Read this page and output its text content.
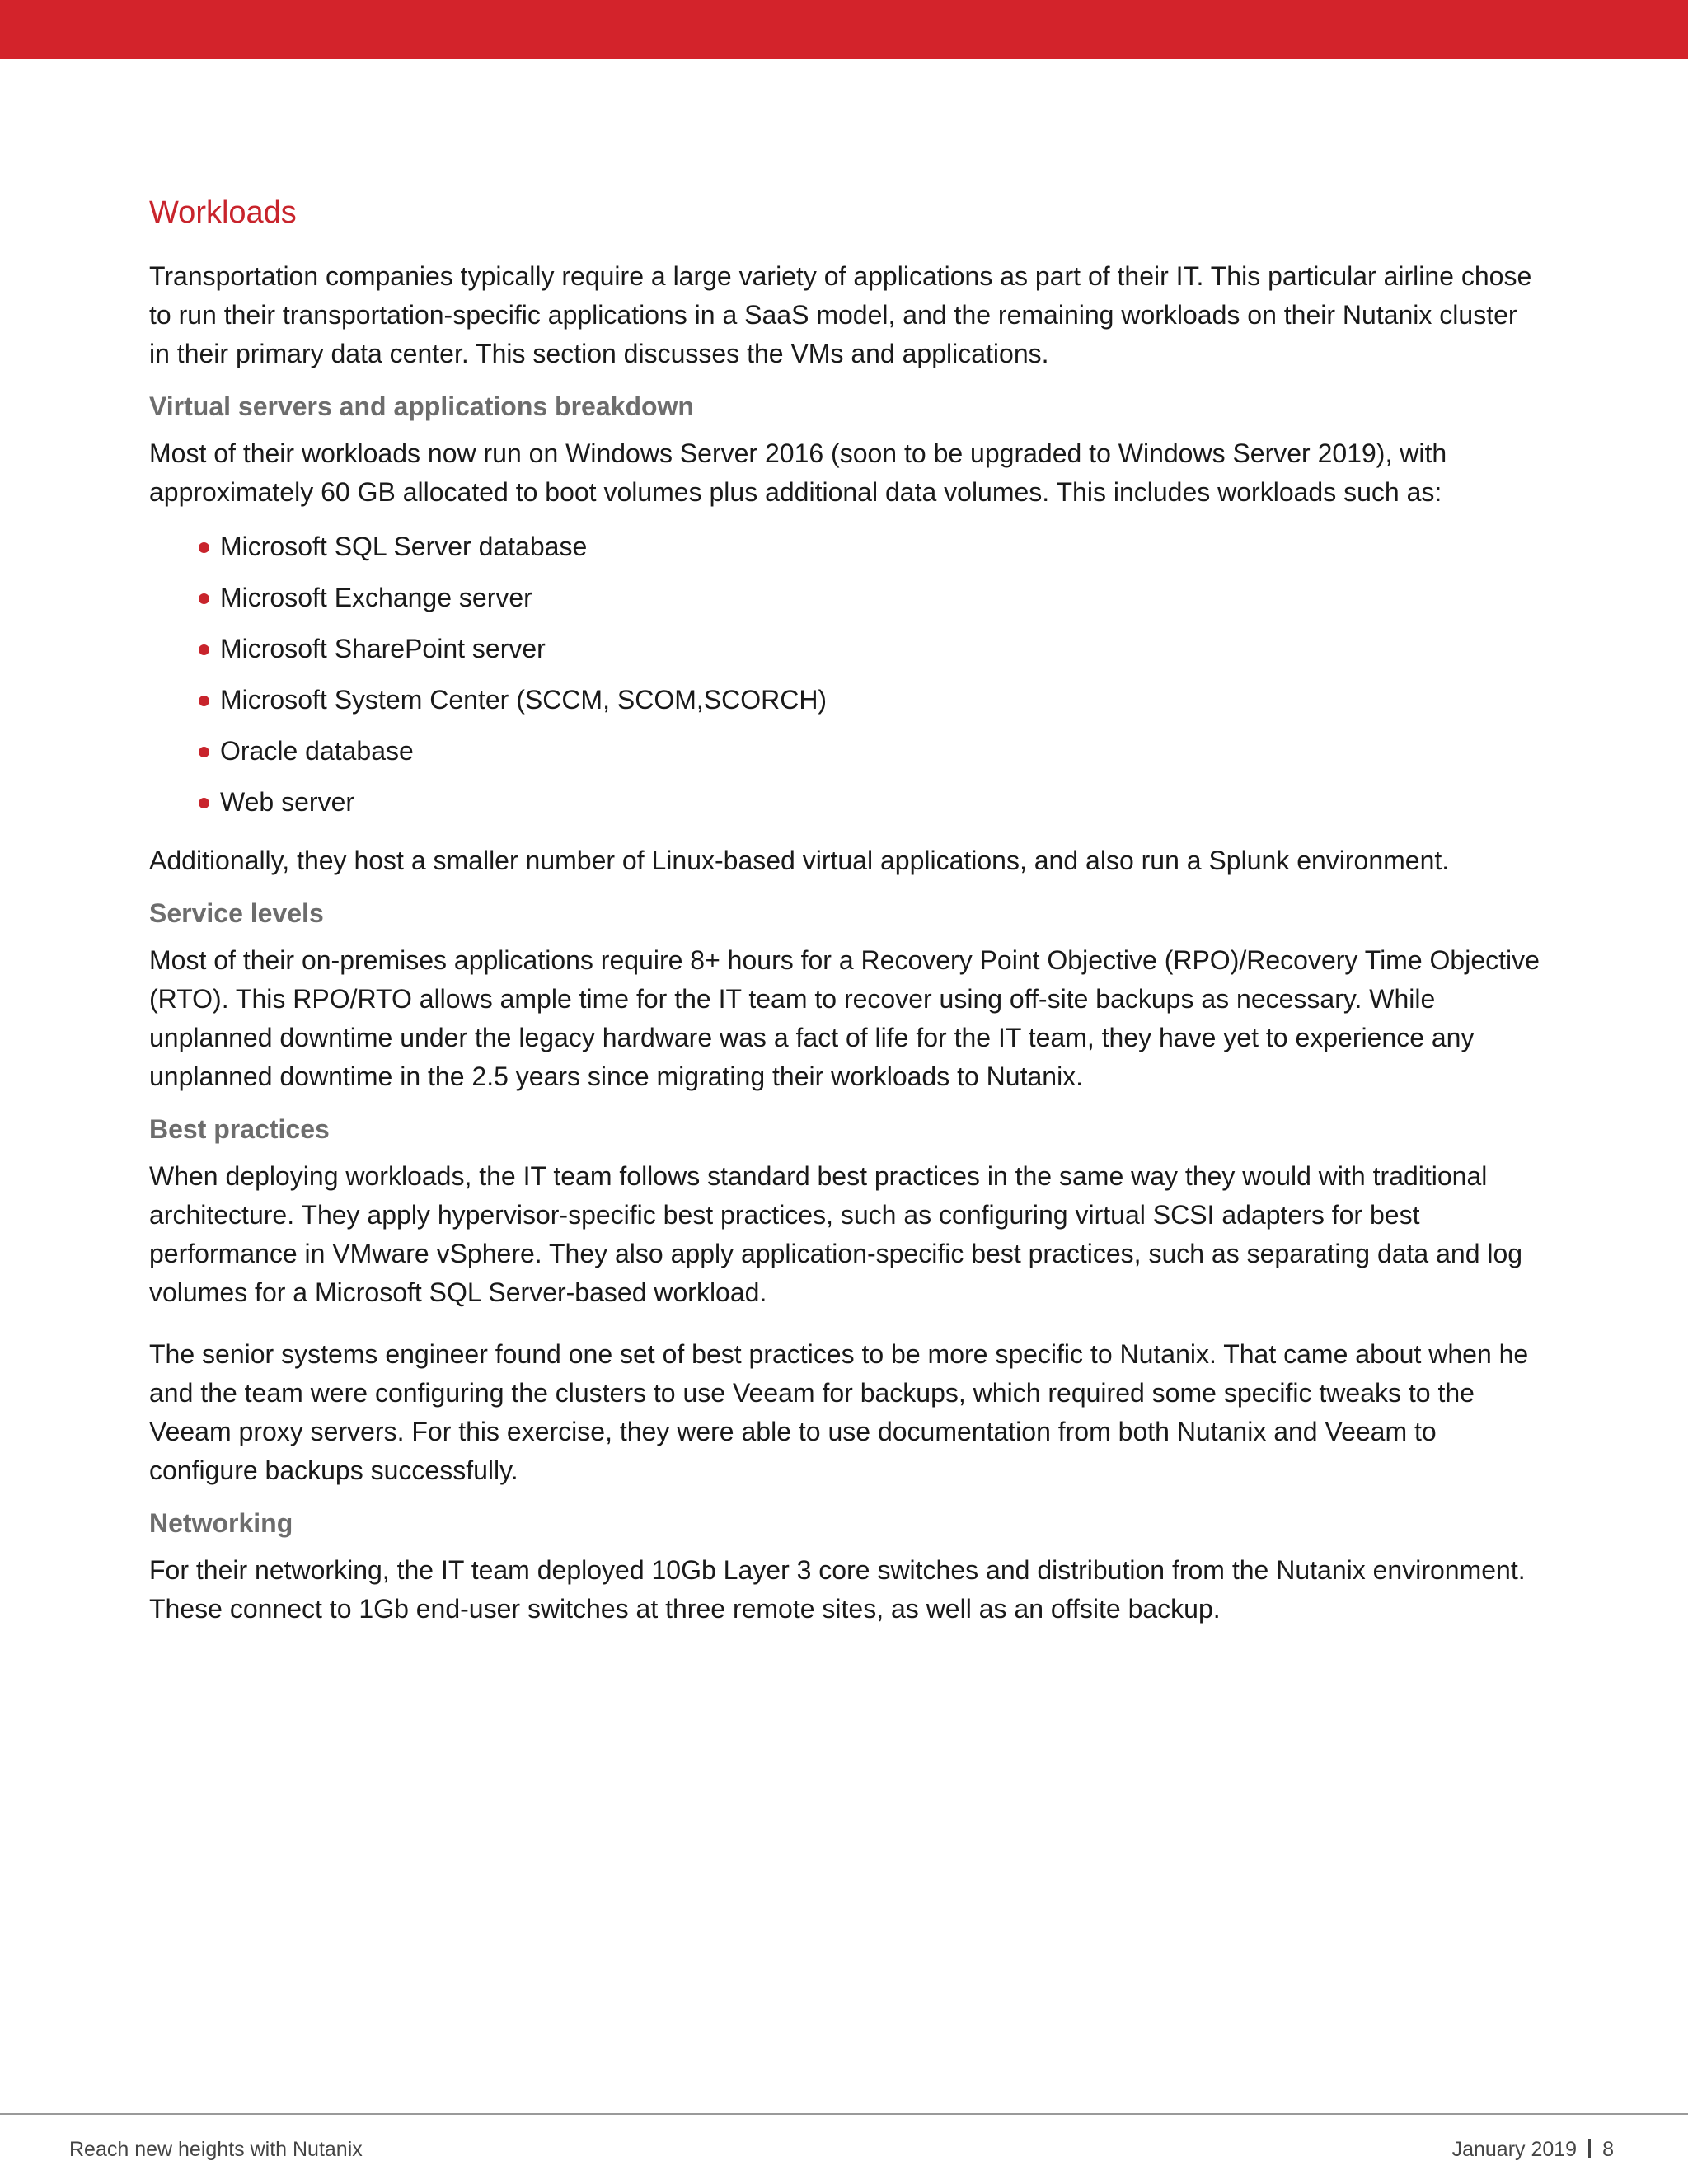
Workloads

Transportation companies typically require a large variety of applications as part of their IT. This particular airline chose to run their transportation-specific applications in a SaaS model, and the remaining workloads on their Nutanix cluster in their primary data center. This section discusses the VMs and applications.

Virtual servers and applications breakdown

Most of their workloads now run on Windows Server 2016 (soon to be upgraded to Windows Server 2019), with approximately 60 GB allocated to boot volumes plus additional data volumes. This includes workloads such as:

Microsoft SQL Server database
Microsoft Exchange server
Microsoft SharePoint server
Microsoft System Center (SCCM, SCOM,SCORCH)
Oracle database
Web server

Additionally, they host a smaller number of Linux-based virtual applications, and also run a Splunk environment.

Service levels

Most of their on-premises applications require 8+ hours for a Recovery Point Objective (RPO)/Recovery Time Objective (RTO). This RPO/RTO allows ample time for the IT team to recover using off-site backups as necessary. While unplanned downtime under the legacy hardware was a fact of life for the IT team, they have yet to experience any unplanned downtime in the 2.5 years since migrating their workloads to Nutanix.

Best practices

When deploying workloads, the IT team follows standard best practices in the same way they would with traditional architecture. They apply hypervisor-specific best practices, such as configuring virtual SCSI adapters for best performance in VMware vSphere. They also apply application-specific best practices, such as separating data and log volumes for a Microsoft SQL Server-based workload.

The senior systems engineer found one set of best practices to be more specific to Nutanix. That came about when he and the team were configuring the clusters to use Veeam for backups, which required some specific tweaks to the Veeam proxy servers. For this exercise, they were able to use documentation from both Nutanix and Veeam to configure backups successfully.

Networking

For their networking, the IT team deployed 10Gb Layer 3 core switches and distribution from the Nutanix environment. These connect to 1Gb end-user switches at three remote sites, as well as an offsite backup.

Reach new heights with Nutanix	January 2019 8
